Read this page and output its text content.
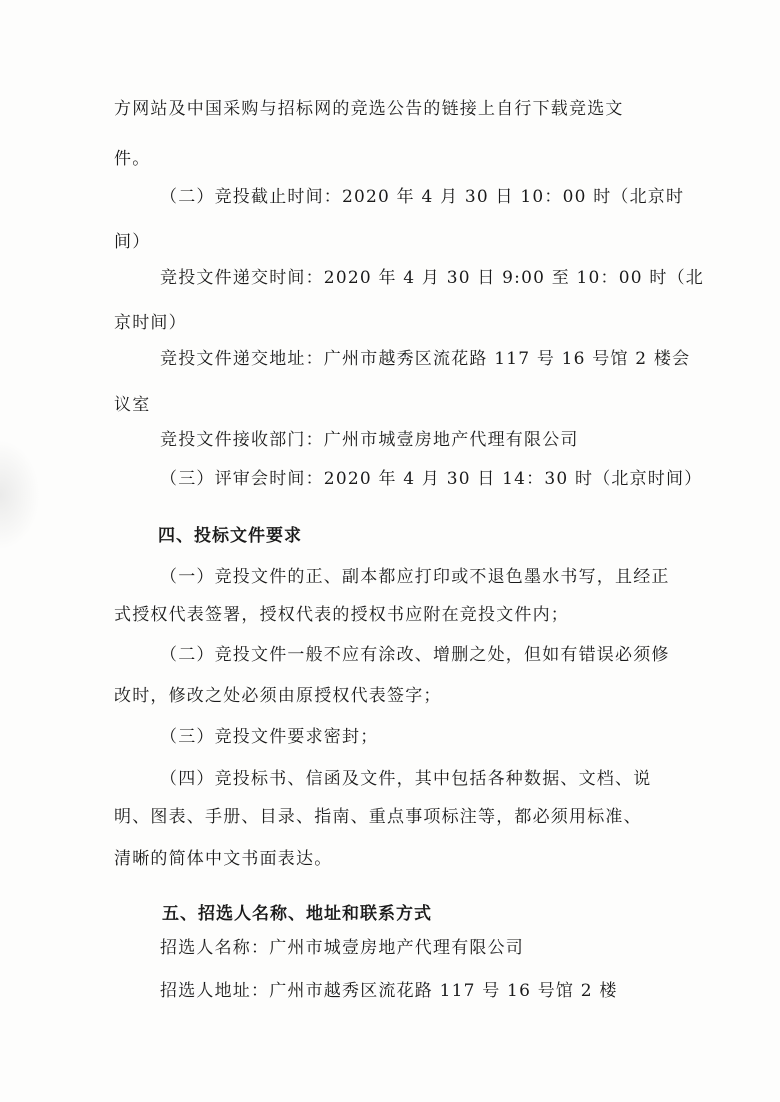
方网站及中国采购与招标网的竞选公告的链接上自行下载竞选文
件。
（二）竞投截止时间：2020 年 4 月 30 日 10：00 时（北京时
间）
竞投文件递交时间：2020 年 4 月 30 日 9:00 至 10：00 时（北
京时间）
竞投文件递交地址：广州市越秀区流花路 117 号 16 号馆 2 楼会
议室
竞投文件接收部门：广州市城壹房地产代理有限公司
（三）评审会时间：2020 年 4 月 30 日 14：30 时（北京时间）
四、投标文件要求
（一）竞投文件的正、副本都应打印或不退色墨水书写，且经正
式授权代表签署，授权代表的授权书应附在竞投文件内；
（二）竞投文件一般不应有涂改、增删之处，但如有错误必须修
改时，修改之处必须由原授权代表签字；
（三）竞投文件要求密封；
（四）竞投标书、信函及文件，其中包括各种数据、文档、说
明、图表、手册、目录、指南、重点事项标注等，都必须用标准、
清晰的简体中文书面表达。
五、招选人名称、地址和联系方式
招选人名称：广州市城壹房地产代理有限公司
招选人地址：广州市越秀区流花路 117 号 16 号馆 2 楼
